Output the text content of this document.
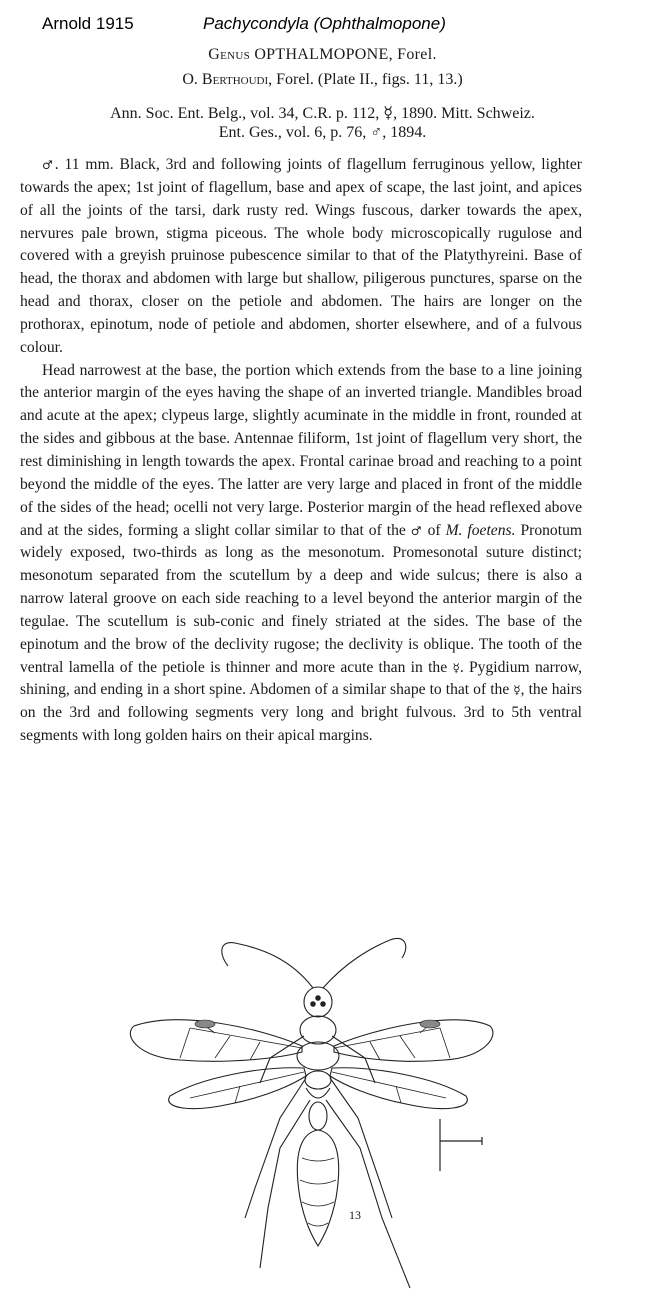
Arnold 1915	Pachycondyla (Ophthalmopone)
Genus OPTHALMOPONE, Forel.
O. Berthoudi, Forel. (Plate II., figs. 11, 13.)
Ann. Soc. Ent. Belg., vol. 34, C.R. p. 112, ☿, 1890. Mitt. Schweiz.
Ent. Ges., vol. 6, p. 76, ♂, 1894.

♂. 11 mm. Black, 3rd and following joints of flagellum ferruginous yellow, lighter towards the apex; 1st joint of flagellum, base and apex of scape, the last joint, and apices of all the joints of the tarsi, dark rusty red. Wings fuscous, darker towards the apex, nervures pale brown, stigma piceous. The whole body microscopically rugulose and covered with a greyish pruinose pubescence similar to that of the Platythyreini. Base of head, the thorax and abdomen with large but shallow, piligerous punctures, sparse on the head and thorax, closer on the petiole and abdomen. The hairs are longer on the prothorax, epinotum, node of petiole and abdomen, shorter elsewhere, and of a fulvous colour.

Head narrowest at the base, the portion which extends from the base to a line joining the anterior margin of the eyes having the shape of an inverted triangle. Mandibles broad and acute at the apex; clypeus large, slightly acuminate in the middle in front, rounded at the sides and gibbous at the base. Antennae filiform, 1st joint of flagellum very short, the rest diminishing in length towards the apex. Frontal carinae broad and reaching to a point beyond the middle of the eyes. The latter are very large and placed in front of the middle of the sides of the head; ocelli not very large. Posterior margin of the head reflexed above and at the sides, forming a slight collar similar to that of the ♂ of M. foetens. Pronotum widely exposed, two-thirds as long as the mesonotum. Promesonotal suture distinct; mesonotum separated from the scutellum by a deep and wide sulcus; there is also a narrow lateral groove on each side reaching to a level beyond the anterior margin of the tegulae. The scutellum is sub-conic and finely striated at the sides. The base of the epinotum and the brow of the declivity rugose; the declivity is oblique. The tooth of the ventral lamella of the petiole is thinner and more acute than in the ☿. Pygidium narrow, shining, and ending in a short spine. Abdomen of a similar shape to that of the ☿, the hairs on the 3rd and following segments very long and bright fulvous. 3rd to 5th ventral segments with long golden hairs on their apical margins.

13
